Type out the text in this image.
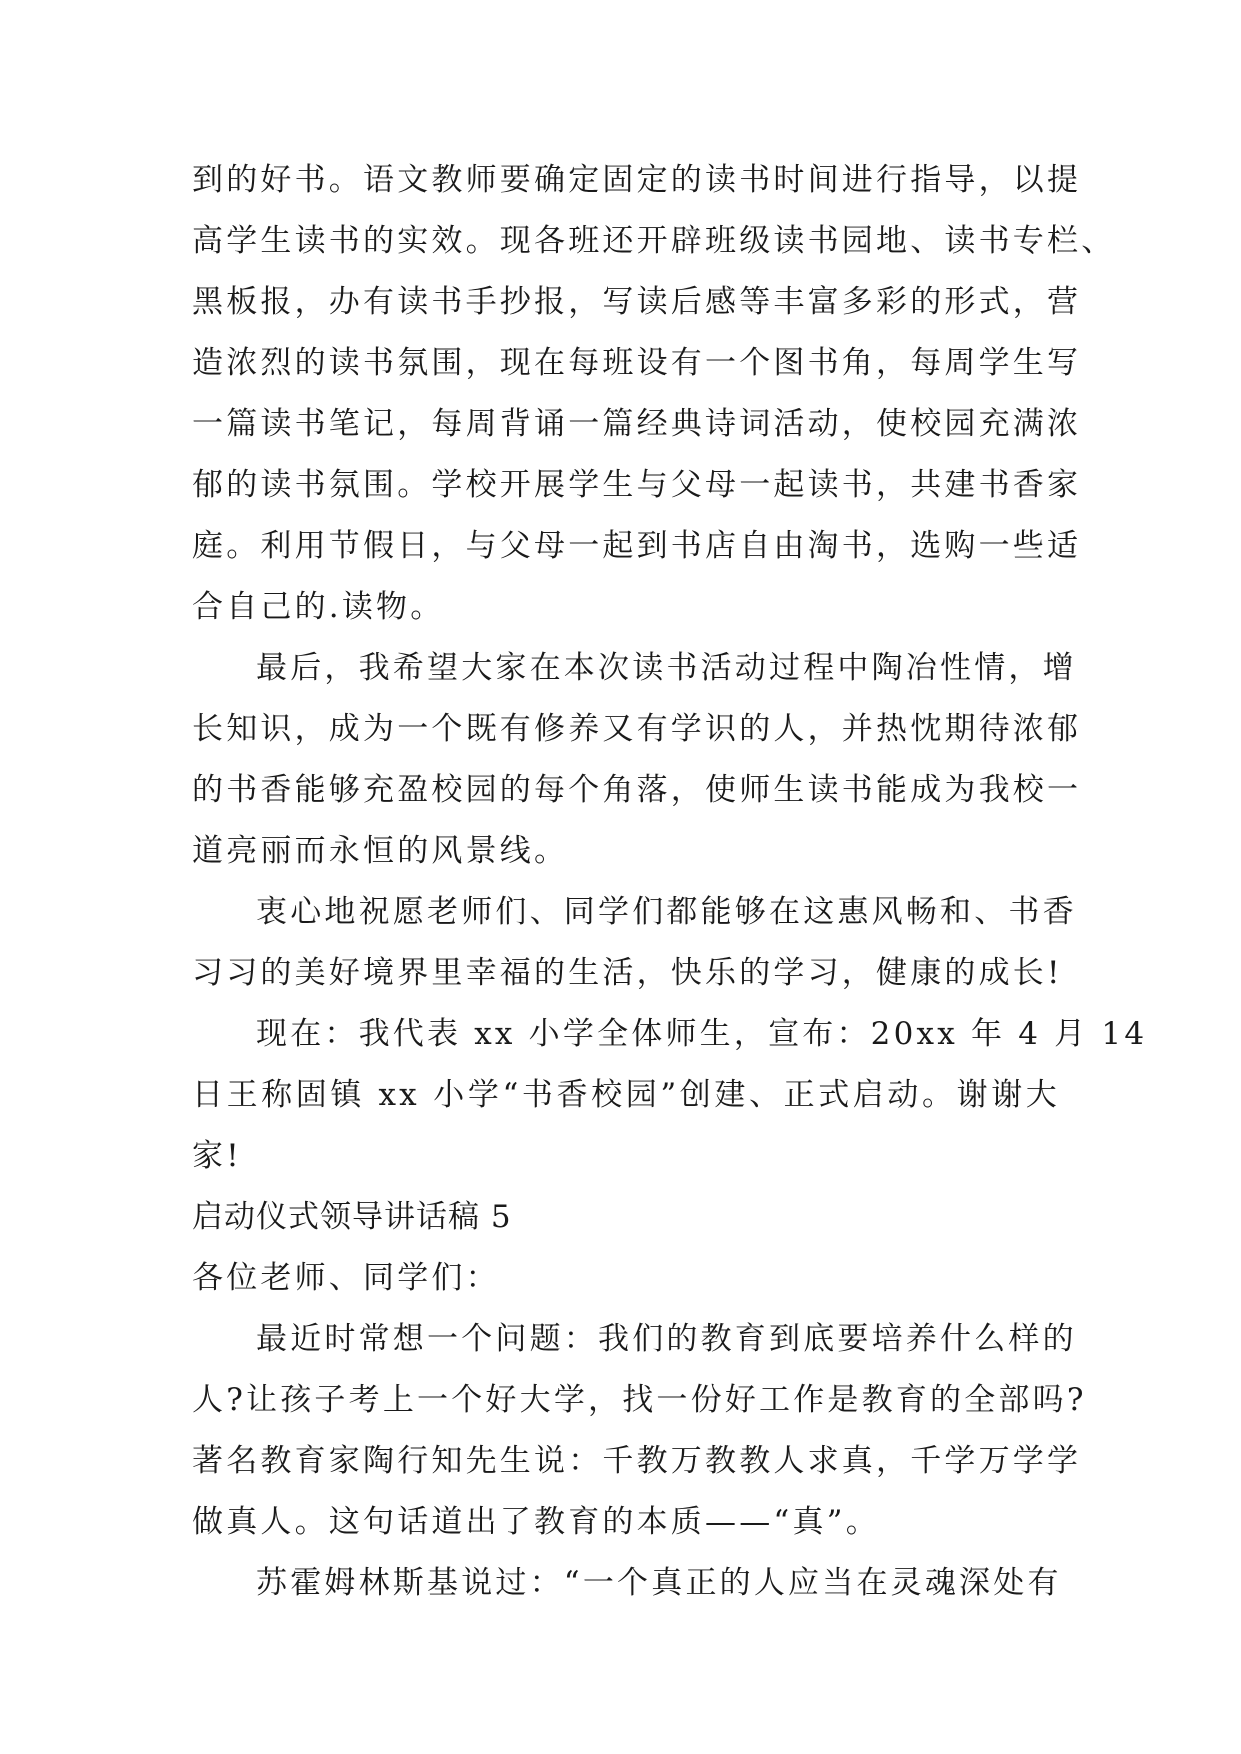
到的好书。语文教师要确定固定的读书时间进行指导，以提
高学生读书的实效。现各班还开辟班级读书园地、读书专栏、
黑板报，办有读书手抄报，写读后感等丰富多彩的形式，营
造浓烈的读书氛围，现在每班设有一个图书角，每周学生写
一篇读书笔记，每周背诵一篇经典诗词活动，使校园充满浓
郁的读书氛围。学校开展学生与父母一起读书，共建书香家
庭。利用节假日，与父母一起到书店自由淘书，选购一些适
合自己的.读物。
最后，我希望大家在本次读书活动过程中陶冶性情，增
长知识，成为一个既有修养又有学识的人，并热忱期待浓郁
的书香能够充盈校园的每个角落，使师生读书能成为我校一
道亮丽而永恒的风景线。
衷心地祝愿老师们、同学们都能够在这惠风畅和、书香
习习的美好境界里幸福的生活，快乐的学习，健康的成长!
现在：我代表 xx 小学全体师生，宣布：20xx 年 4 月 14
日王称固镇 xx 小学“书香校园”创建、正式启动。谢谢大
家!
启动仪式领导讲话稿 5
各位老师、同学们：
最近时常想一个问题：我们的教育到底要培养什么样的
人?让孩子考上一个好大学，找一份好工作是教育的全部吗?
著名教育家陶行知先生说：千教万教教人求真，千学万学学
做真人。这句话道出了教育的本质——“真”。
苏霍姆林斯基说过：“一个真正的人应当在灵魂深处有
